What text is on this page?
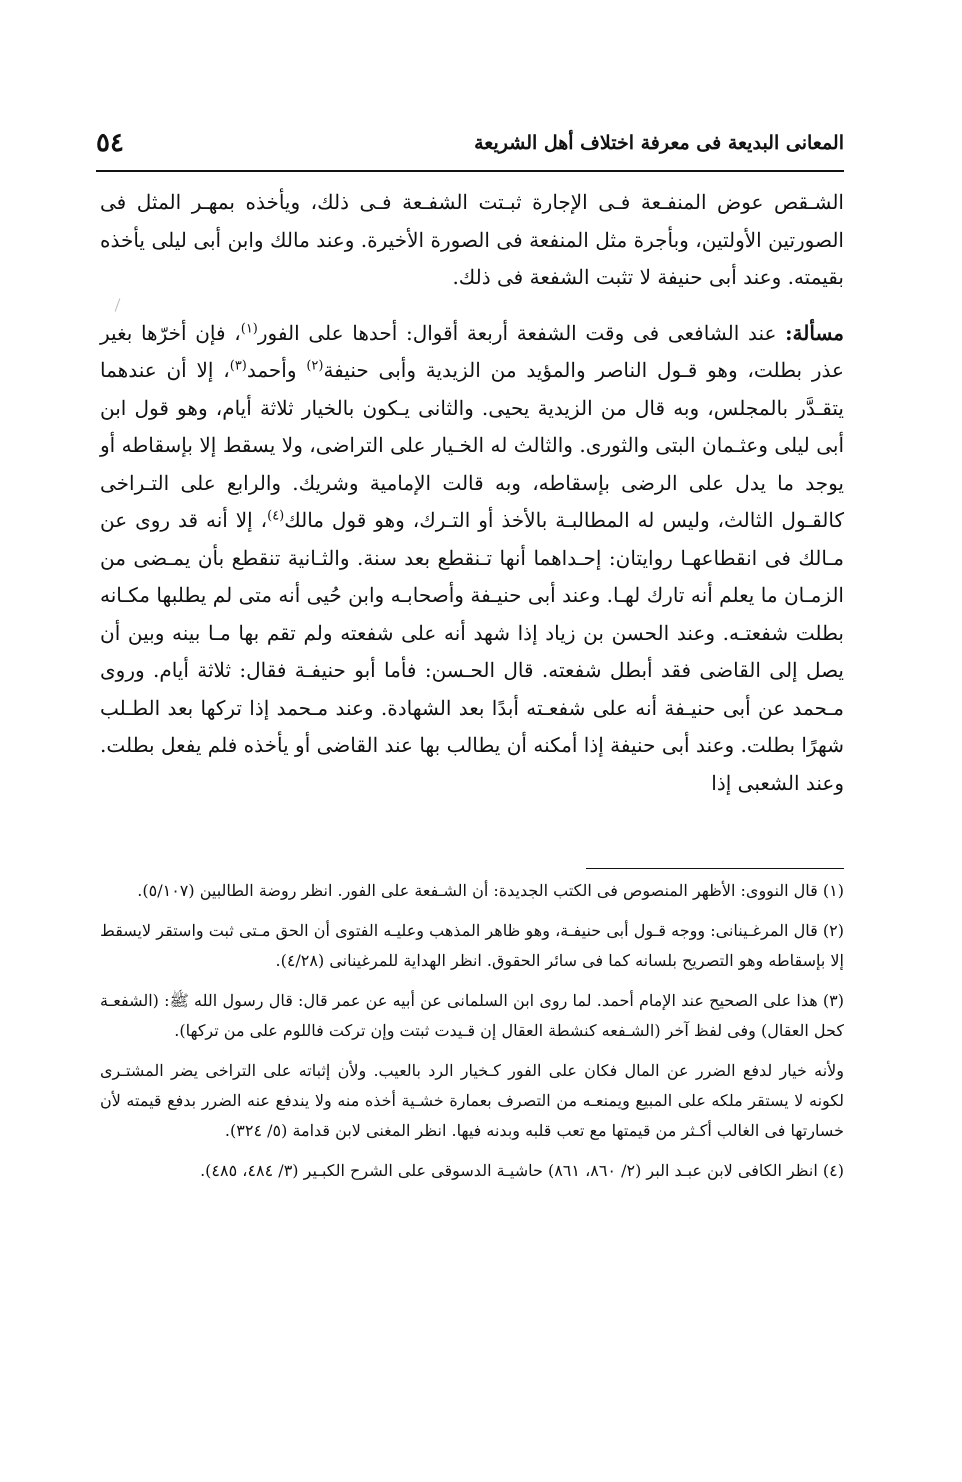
المعانى البديعة فى معرفة اختلاف أهل الشريعة
٥٤

الشـقص عوض المنفـعة فـى الإجارة ثبـتت الشفـعة فـى ذلك، ويأخذه بمهـر المثل فى الصورتين الأولتين، وبأجرة مثل المنفعة فى الصورة الأخيرة. وعند مالك وابن أبى ليلى يأخذه بقيمته. وعند أبى حنيفة لا تثبت الشفعة فى ذلك.

مسألة: عند الشافعى فى وقت الشفعة أربعة أقوال: أحدها على الفور$^{(١)}$، فإن أخرّها بغير عذر بطلت، وهو قـول الناصر والمؤيد من الزيدية وأبى حنيفة$^{(٢)}$ وأحمد$^{(٣)}$، إلا أن عندهما يتقـدَّر بالمجلس، وبه قال من الزيدية يحيى. والثانى يـكون بالخيار ثلاثة أيام، وهو قول ابن أبى ليلى وعثـمان البتى والثورى. والثالث له الخـيار على التراضى، ولا يسقط إلا بإسقاطه أو يوجد ما يدل على الرضى بإسقاطه، وبه قالت الإمامية وشريك. والرابع على التـراخى كالقـول الثالث، وليس له المطالبـة بالأخذ أو التـرك، وهو قول مالك$^{(٤)}$، إلا أنه قد روى عن مـالك فى انقطاعهـا روايتان: إحـداهما أنها تـنقطع بعد سنة. والثـانية تنقطع بأن يمـضى من الزمـان ما يعلم أنه تارك لهـا. وعند أبى حنيـفة وأصحابـه وابن حُيى أنه متى لم يطلبها مكـانه بطلت شفعتـه. وعند الحسن بن زياد إذا شهد أنه على شفعته ولم تقم بها مـا بينه وبين أن يصل إلى القاضى فقد أبطل شفعته. قال الحـسن: فأما أبو حنيفـة فقال: ثلاثة أيام. وروى مـحمد عن أبى حنيـفة أنه على شفعـته أبدًا بعد الشهادة. وعند مـحمد إذا تركها بعد الطـلب شهرًا بطلت. وعند أبى حنيفة إذا أمكنه أن يطالب بها عند القاضى أو يأخذه فلم يفعل بطلت. وعند الشعبى إذا

(١) قال النووى: الأظهر المنصوص فى الكتب الجديدة: أن الشـفعة على الفور. انظر روضة الطالبين (٥/١٠٧).

(٢) قال المرغـينانى: ووجه قـول أبى حنيفـة، وهو ظاهر المذهب وعليـه الفتوى أن الحق مـتى ثبت واستقر لايسقط إلا بإسقاطه وهو التصريح بلسانه كما فى سائر الحقوق. انظر الهداية للمرغينانى (٤/٢٨).

(٣) هذا على الصحيح عند الإمام أحمد. لما روى ابن السلمانى عن أبيه عن عمر قال: قال رسول الله ﷺ: (الشفعـة كحل العقال) وفى لفظ آخر (الشـفعه كنشطة العقال إن قـيدت ثبتت وإن تركت فاللوم على من تركها).

ولأنه خيار لدفع الضرر عن المال فكان على الفور كـخيار الرد بالعيب. ولأن إثباته على التراخى يضر المشتـرى لكونه لا يستقر ملكه على المبيع ويمنعـه من التصرف بعمارة خشـية أخذه منه ولا يندفع عنه الضرر بدفع قيمته لأن خسارتها فى الغالب أكـثر من قيمتها مع تعب قلبه وبدنه فيها. انظر المغنى لابن قدامة (٥/ ٣٢٤).

(٤) انظر الكافى لابن عبـد البر (٢/ ٨٦٠، ٨٦١) حاشيـة الدسوقى على الشرح الكبـير (٣/ ٤٨٤، ٤٨٥).
